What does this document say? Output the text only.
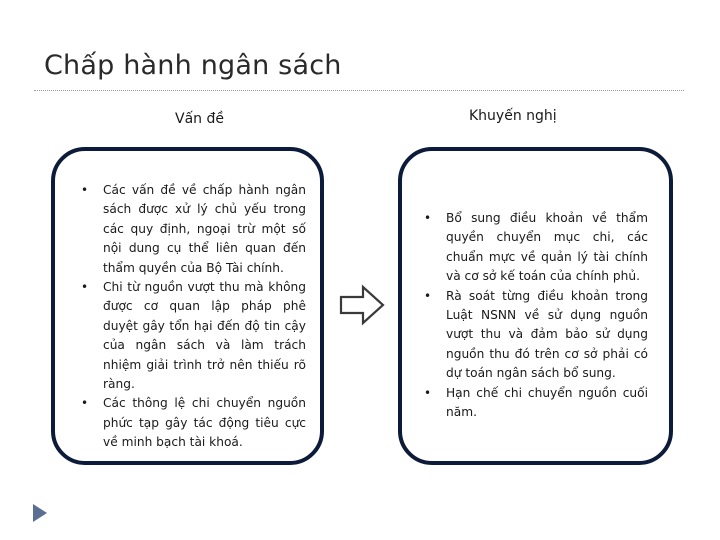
Chấp hành ngân sách
Vấn đề	Khuyến nghị
• Các vấn đề về chấp hành ngân sách được xử lý chủ yếu trong các quy định, ngoại trừ một số nội dung cụ thể liên quan đến thẩm quyền của Bộ Tài chính.
• Chi từ nguồn vượt thu mà không được cơ quan lập pháp phê duyệt gây tổn hại đến độ tin cậy của ngân sách và làm trách nhiệm giải trình trở nên thiếu rõ ràng.
• Các thông lệ chi chuyển nguồn phức tạp gây tác động tiêu cực về minh bạch tài khoá.
• Bổ sung điều khoản về thẩm quyền chuyển mục chi, các chuẩn mực về quản lý tài chính và cơ sở kế toán của chính phủ.
• Rà soát từng điều khoản trong Luật NSNN về sử dụng nguồn vượt thu và đảm bảo sử dụng nguồn thu đó trên cơ sở phải có dự toán ngân sách bổ sung.
• Hạn chế chi chuyển nguồn cuối năm.
